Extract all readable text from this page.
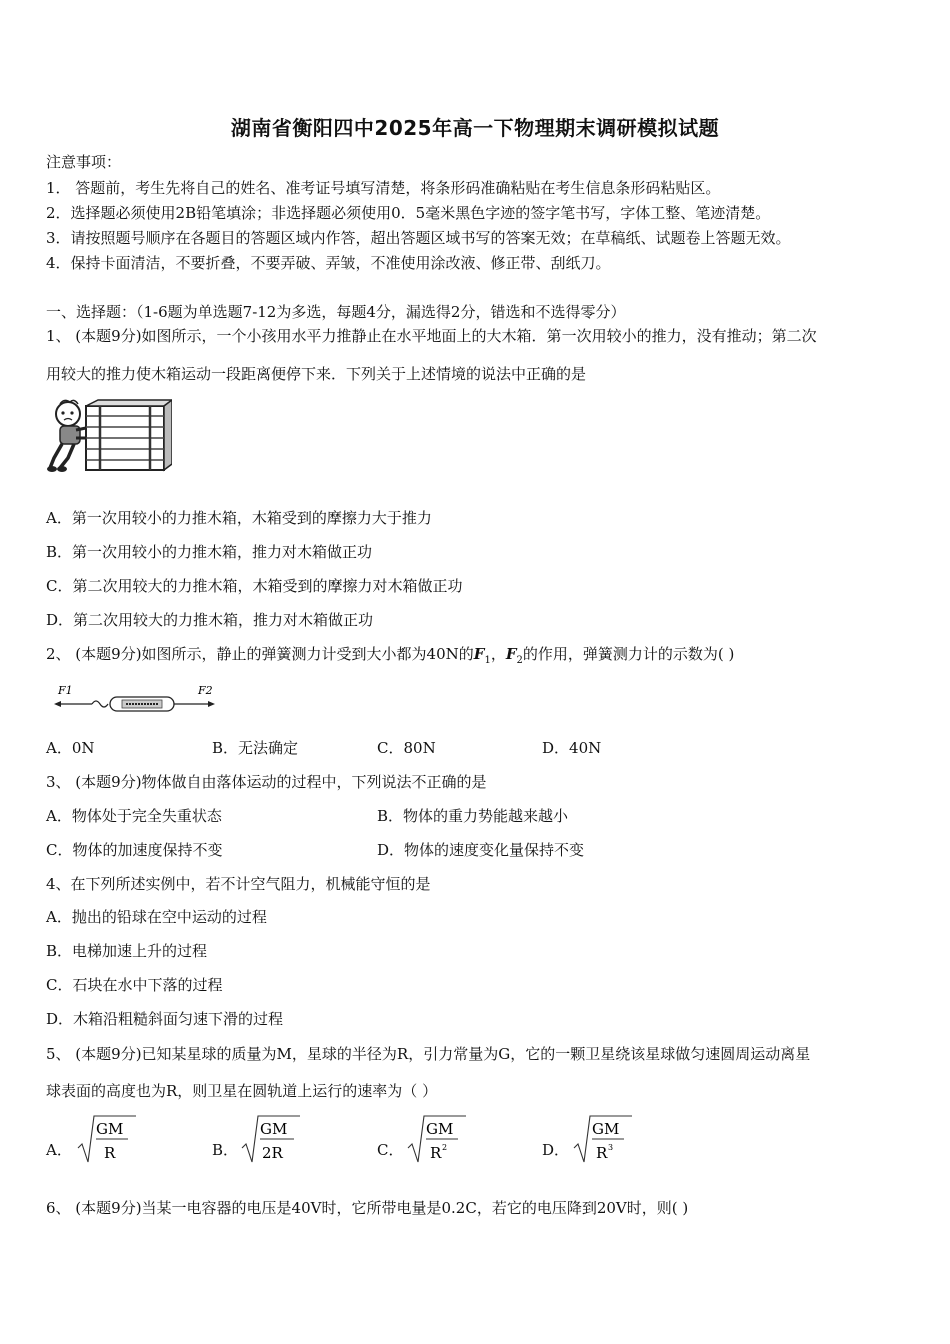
湖南省衡阳四中2025年高一下物理期末调研模拟试题
注意事项：
1． 答题前，考生先将自己的姓名、准考证号填写清楚，将条形码准确粘贴在考生信息条形码粘贴区。
2．选择题必须使用2B铅笔填涂；非选择题必须使用0．5毫米黑色字迹的签字笔书写，字体工整、笔迹清楚。
3．请按照题号顺序在各题目的答题区域内作答，超出答题区域书写的答案无效；在草稿纸、试题卷上答题无效。
4．保持卡面清洁，不要折叠，不要弄破、弄皱，不准使用涂改液、修正带、刮纸刀。
一、选择题：（1-6题为单选题7-12为多选，每题4分，漏选得2分，错选和不选得零分）
1、 (本题9分)如图所示，一个小孩用水平力推静止在水平地面上的大木箱．第一次用较小的推力，没有推动；第二次
用较大的推力使木箱运动一段距离便停下来．下列关于上述情境的说法中正确的是
A．第一次用较小的力推木箱，木箱受到的摩擦力大于推力
B．第一次用较小的力推木箱，推力对木箱做正功
C．第二次用较大的力推木箱，木箱受到的摩擦力对木箱做正功
D．第二次用较大的力推木箱，推力对木箱做正功
2、 (本题9分)如图所示，静止的弹簧测力计受到大小都为40N的$F_1$，$F_2$的作用，弹簧测力计的示数为( )
F1	F2
A．0N	B．无法确定	C．80N	D．40N
3、 (本题9分)物体做自由落体运动的过程中，下列说法不正确的是
A．物体处于完全失重状态	B．物体的重力势能越来越小
C．物体的加速度保持不变	D．物体的速度变化量保持不变
4、在下列所述实例中，若不计空气阻力，机械能守恒的是
A．抛出的铅球在空中运动的过程
B．电梯加速上升的过程
C．石块在水中下落的过程
D．木箱沿粗糙斜面匀速下滑的过程
5、 (本题9分)已知某星球的质量为M，星球的半径为R，引力常量为G，它的一颗卫星绕该星球做匀速圆周运动离星
球表面的高度也为R，则卫星在圆轨道上运行的速率为（ ）
A．
GM
R	B．
GM
2R	C．
GM
R 2	D．
GM
R 3
6、 (本题9分)当某一电容器的电压是40V时，它所带电量是0.2C，若它的电压降到20V时，则( )
